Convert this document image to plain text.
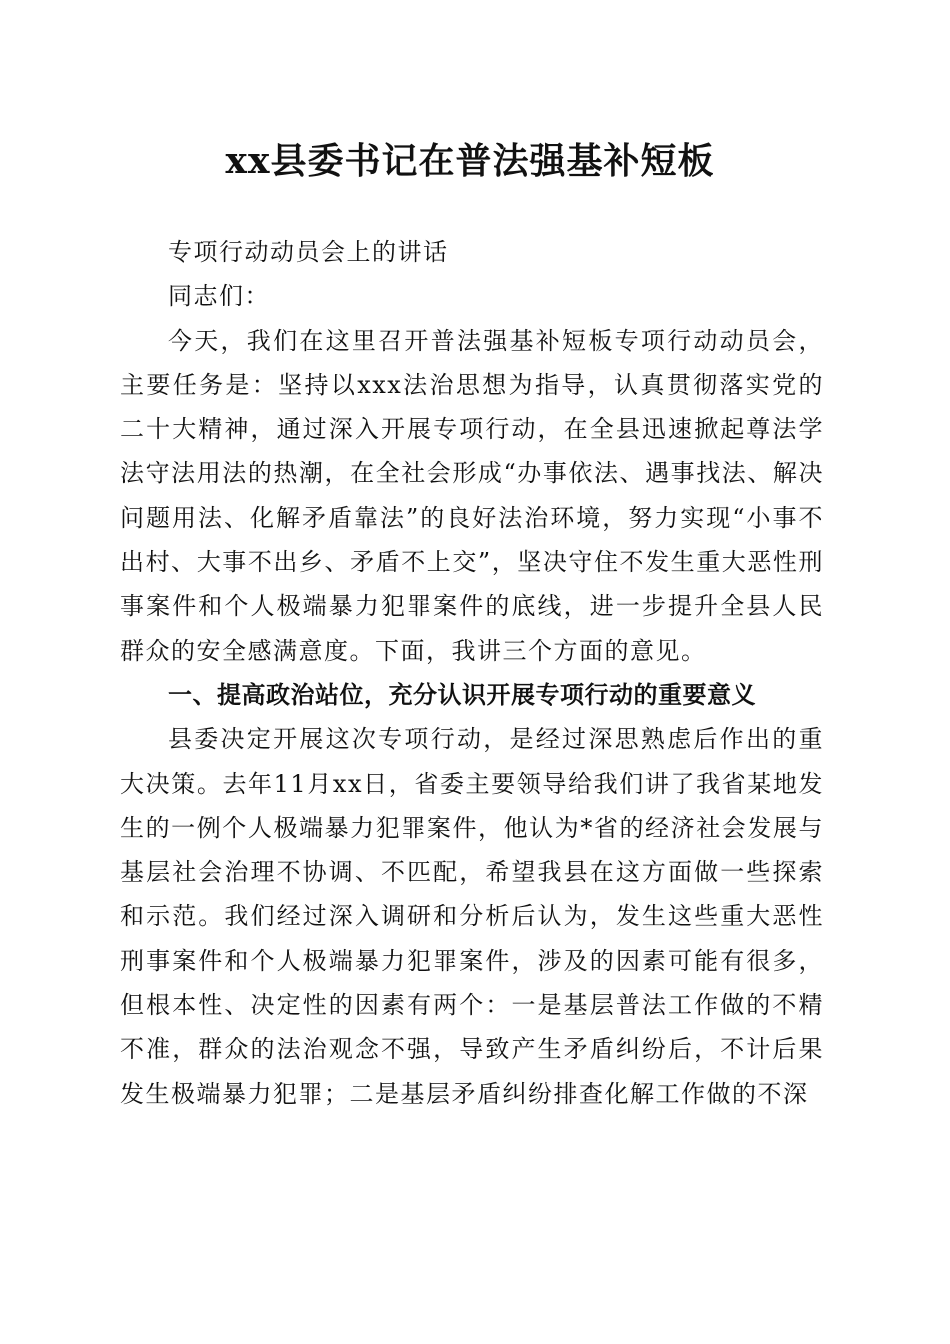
xx县委书记在普法强基补短板

专项行动动员会上的讲话

同志们：

今天，我们在这里召开普法强基补短板专项行动动员会，主要任务是：坚持以xxx法治思想为指导，认真贯彻落实党的二十大精神，通过深入开展专项行动，在全县迅速掀起尊法学法守法用法的热潮，在全社会形成“办事依法、遇事找法、解决问题用法、化解矛盾靠法”的良好法治环境，努力实现“小事不出村、大事不出乡、矛盾不上交”，坚决守住不发生重大恶性刑事案件和个人极端暴力犯罪案件的底线，进一步提升全县人民群众的安全感满意度。下面，我讲三个方面的意见。

一、提高政治站位，充分认识开展专项行动的重要意义

县委决定开展这次专项行动，是经过深思熟虑后作出的重大决策。去年11月xx日，省委主要领导给我们讲了我省某地发生的一例个人极端暴力犯罪案件，他认为*省的经济社会发展与基层社会治理不协调、不匹配，希望我县在这方面做一些探索和示范。我们经过深入调研和分析后认为，发生这些重大恶性刑事案件和个人极端暴力犯罪案件，涉及的因素可能有很多，但根本性、决定性的因素有两个：一是基层普法工作做的不精不准，群众的法治观念不强，导致产生矛盾纠纷后，不计后果发生极端暴力犯罪；二是基层矛盾纠纷排查化解工作做的不深
